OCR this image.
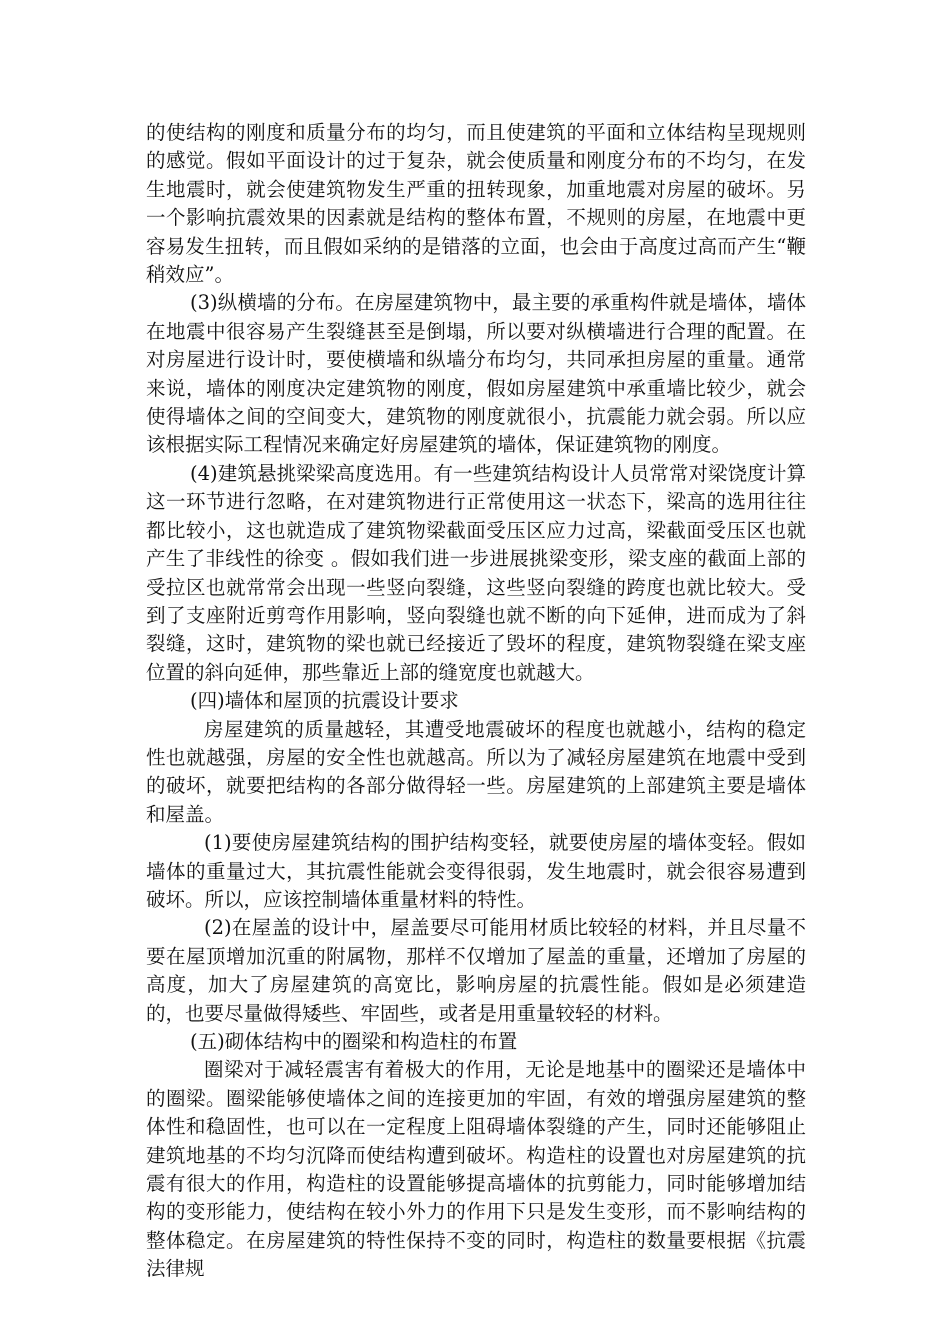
的使结构的刚度和质量分布的均匀，而且使建筑的平面和立体结构呈现规则的感觉。假如平面设计的过于复杂，就会使质量和刚度分布的不均匀，在发生地震时，就会使建筑物发生严重的扭转现象，加重地震对房屋的破坏。另一个影响抗震效果的因素就是结构的整体布置，不规则的房屋，在地震中更容易发生扭转，而且假如采纳的是错落的立面，也会由于高度过高而产生“鞭稍效应”。

(3)纵横墙的分布。在房屋建筑物中，最主要的承重构件就是墙体，墙体在地震中很容易产生裂缝甚至是倒塌，所以要对纵横墙进行合理的配置。在对房屋进行设计时，要使横墙和纵墙分布均匀，共同承担房屋的重量。通常来说，墙体的刚度决定建筑物的刚度，假如房屋建筑中承重墙比较少，就会使得墙体之间的空间变大，建筑物的刚度就很小，抗震能力就会弱。所以应该根据实际工程情况来确定好房屋建筑的墙体，保证建筑物的刚度。

(4)建筑悬挑梁梁高度选用。有一些建筑结构设计人员常常对梁饶度计算这一环节进行忽略，在对建筑物进行正常使用这一状态下，梁高的选用往往都比较小，这也就造成了建筑物梁截面受压区应力过高，梁截面受压区也就产生了非线性的徐变 。假如我们进一步进展挑梁变形，梁支座的截面上部的受拉区也就常常会出现一些竖向裂缝，这些竖向裂缝的跨度也就比较大。受到了支座附近剪弯作用影响，竖向裂缝也就不断的向下延伸，进而成为了斜裂缝，这时，建筑物的梁也就已经接近了毁坏的程度，建筑物裂缝在梁支座位置的斜向延伸，那些靠近上部的缝宽度也就越大。

(四)墙体和屋顶的抗震设计要求

房屋建筑的质量越轻，其遭受地震破坏的程度也就越小，结构的稳定性也就越强，房屋的安全性也就越高。所以为了减轻房屋建筑在地震中受到的破坏，就要把结构的各部分做得轻一些。房屋建筑的上部建筑主要是墙体和屋盖。

(1)要使房屋建筑结构的围护结构变轻，就要使房屋的墙体变轻。假如墙体的重量过大，其抗震性能就会变得很弱，发生地震时，就会很容易遭到破坏。所以，应该控制墙体重量材料的特性。

(2)在屋盖的设计中，屋盖要尽可能用材质比较轻的材料，并且尽量不要在屋顶增加沉重的附属物，那样不仅增加了屋盖的重量，还增加了房屋的高度，加大了房屋建筑的高宽比，影响房屋的抗震性能。假如是必须建造的，也要尽量做得矮些、牢固些，或者是用重量较轻的材料。

(五)砌体结构中的圈梁和构造柱的布置

圈梁对于减轻震害有着极大的作用，无论是地基中的圈梁还是墙体中的圈梁。圈梁能够使墙体之间的连接更加的牢固，有效的增强房屋建筑的整体性和稳固性，也可以在一定程度上阻碍墙体裂缝的产生，同时还能够阻止建筑地基的不均匀沉降而使结构遭到破坏。构造柱的设置也对房屋建筑的抗震有很大的作用，构造柱的设置能够提高墙体的抗剪能力，同时能够增加结构的变形能力，使结构在较小外力的作用下只是发生变形，而不影响结构的整体稳定。在房屋建筑的特性保持不变的同时，构造柱的数量要根据《抗震法律规
